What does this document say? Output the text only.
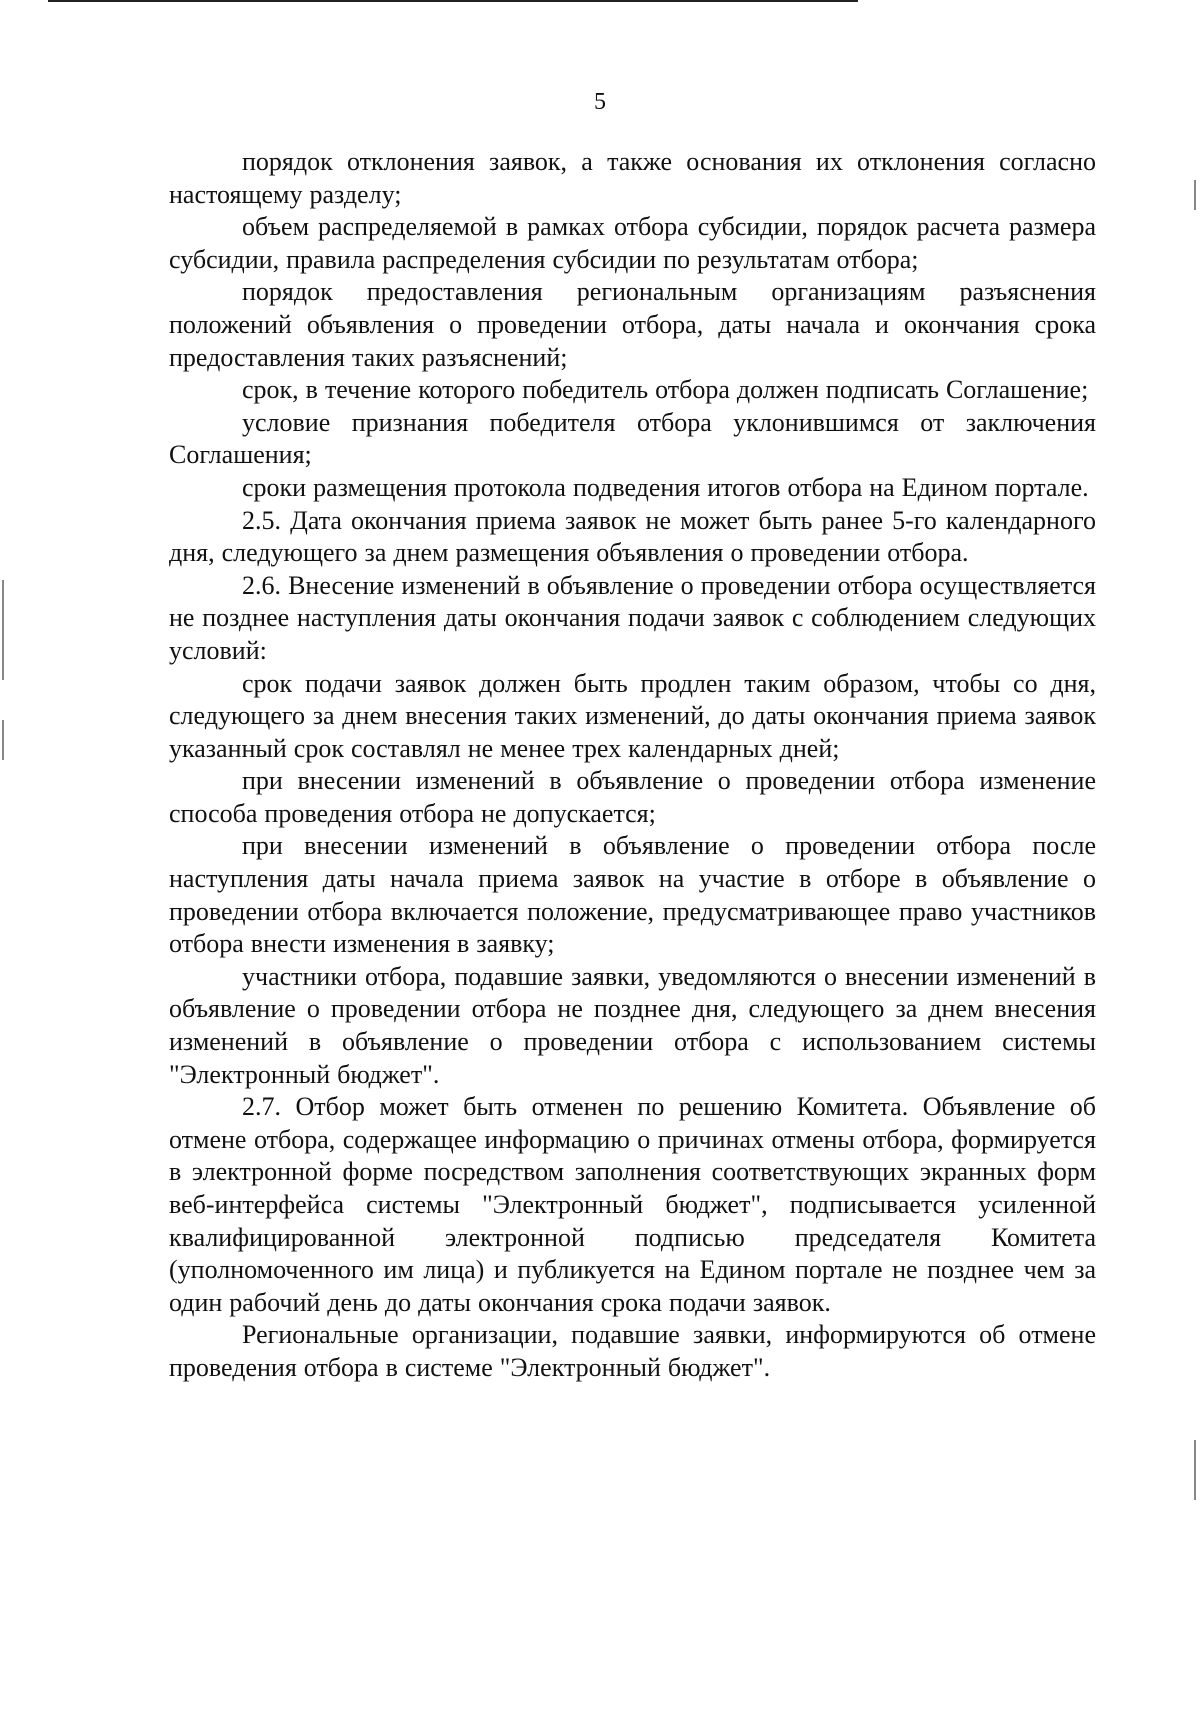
5

порядок отклонения заявок, а также основания их отклонения согласно настоящему разделу;

объем распределяемой в рамках отбора субсидии, порядок расчета размера субсидии, правила распределения субсидии по результатам отбора;

порядок предоставления региональным организациям разъяснения положений объявления о проведении отбора, даты начала и окончания срока предоставления таких разъяснений;

срок, в течение которого победитель отбора должен подписать Соглашение;

условие признания победителя отбора уклонившимся от заключения Соглашения;

сроки размещения протокола подведения итогов отбора на Едином портале.

2.5. Дата окончания приема заявок не может быть ранее 5-го календарного дня, следующего за днем размещения объявления о проведении отбора.

2.6. Внесение изменений в объявление о проведении отбора осуществляется не позднее наступления даты окончания подачи заявок с соблюдением следующих условий:

срок подачи заявок должен быть продлен таким образом, чтобы со дня, следующего за днем внесения таких изменений, до даты окончания приема заявок указанный срок составлял не менее трех календарных дней;

при внесении изменений в объявление о проведении отбора изменение способа проведения отбора не допускается;

при внесении изменений в объявление о проведении отбора после наступления даты начала приема заявок на участие в отборе в объявление о проведении отбора включается положение, предусматривающее право участников отбора внести изменения в заявку;

участники отбора, подавшие заявки, уведомляются о внесении изменений в объявление о проведении отбора не позднее дня, следующего за днем внесения изменений в объявление о проведении отбора с использованием системы "Электронный бюджет".

2.7. Отбор может быть отменен по решению Комитета. Объявление об отмене отбора, содержащее информацию о причинах отмены отбора, формируется в электронной форме посредством заполнения соответствующих экранных форм веб-интерфейса системы "Электронный бюджет", подписывается усиленной квалифицированной электронной подписью председателя Комитета (уполномоченного им лица) и публикуется на Едином портале не позднее чем за один рабочий день до даты окончания срока подачи заявок.

Региональные организации, подавшие заявки, информируются об отмене проведения отбора в системе "Электронный бюджет".
